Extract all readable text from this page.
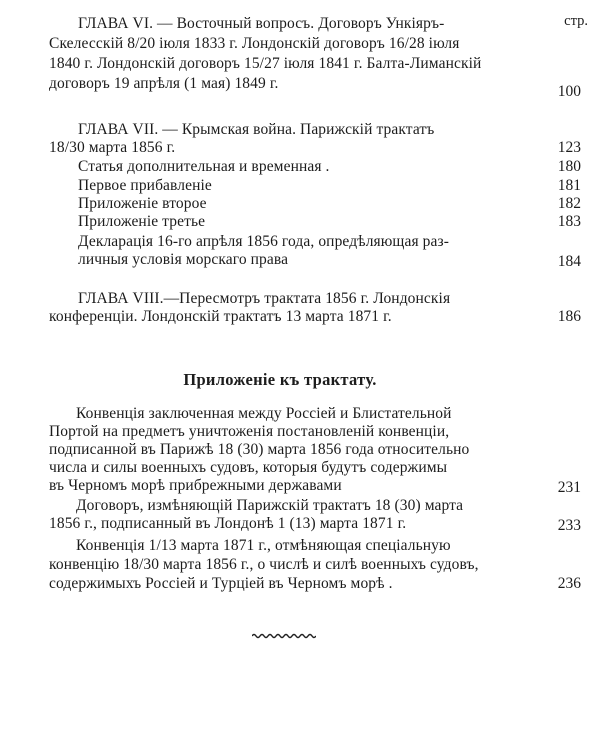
стр.
ГЛАВА VI. — Восточный вопросъ. Договоръ Ункіяръ-
Скелесскій 8/20 іюля 1833 г. Лондонскій договоръ 16/28 іюля
1840 г. Лондонскій договоръ 15/27 іюля 1841 г. Балта-Лиманскій
договоръ 19 апрѣля (1 мая) 1849 г.	100
ГЛАВА VII. — Крымская война. Парижскій трактатъ
18/30 марта 1856 г.	123
Статья дополнительная и временная .	180
Первое прибавленіе	181
Приложеніе второе	182
Приложеніе третье	183
Декларація 16-го апрѣля 1856 года, опредѣляющая раз-
личныя условія морскаго права	184
ГЛАВА VIII.—Пересмотръ трактата 1856 г. Лондонскія
конференціи. Лондонскій трактатъ 13 марта 1871 г.	186
Приложеніе къ трактату.
Конвенція заключенная между Россіей и Блистательной
Портой на предметъ уничтоженія постановленій конвенціи,
подписанной въ Парижѣ 18 (30) марта 1856 года относительно
числа и силы военныхъ судовъ, которыя будутъ содержимы
въ Черномъ морѣ прибрежными державами	231
Договоръ, измѣняющій Парижскій трактатъ 18 (30) марта
1856 г., подписанный въ Лондонѣ 1 (13) марта 1871 г.	233
Конвенція 1/13 марта 1871 г., отмѣняющая спеціальную
конвенцію 18/30 марта 1856 г., о числѣ и силѣ военныхъ судовъ,
содержимыхъ Россіей и Турціей въ Черномъ морѣ .	236
